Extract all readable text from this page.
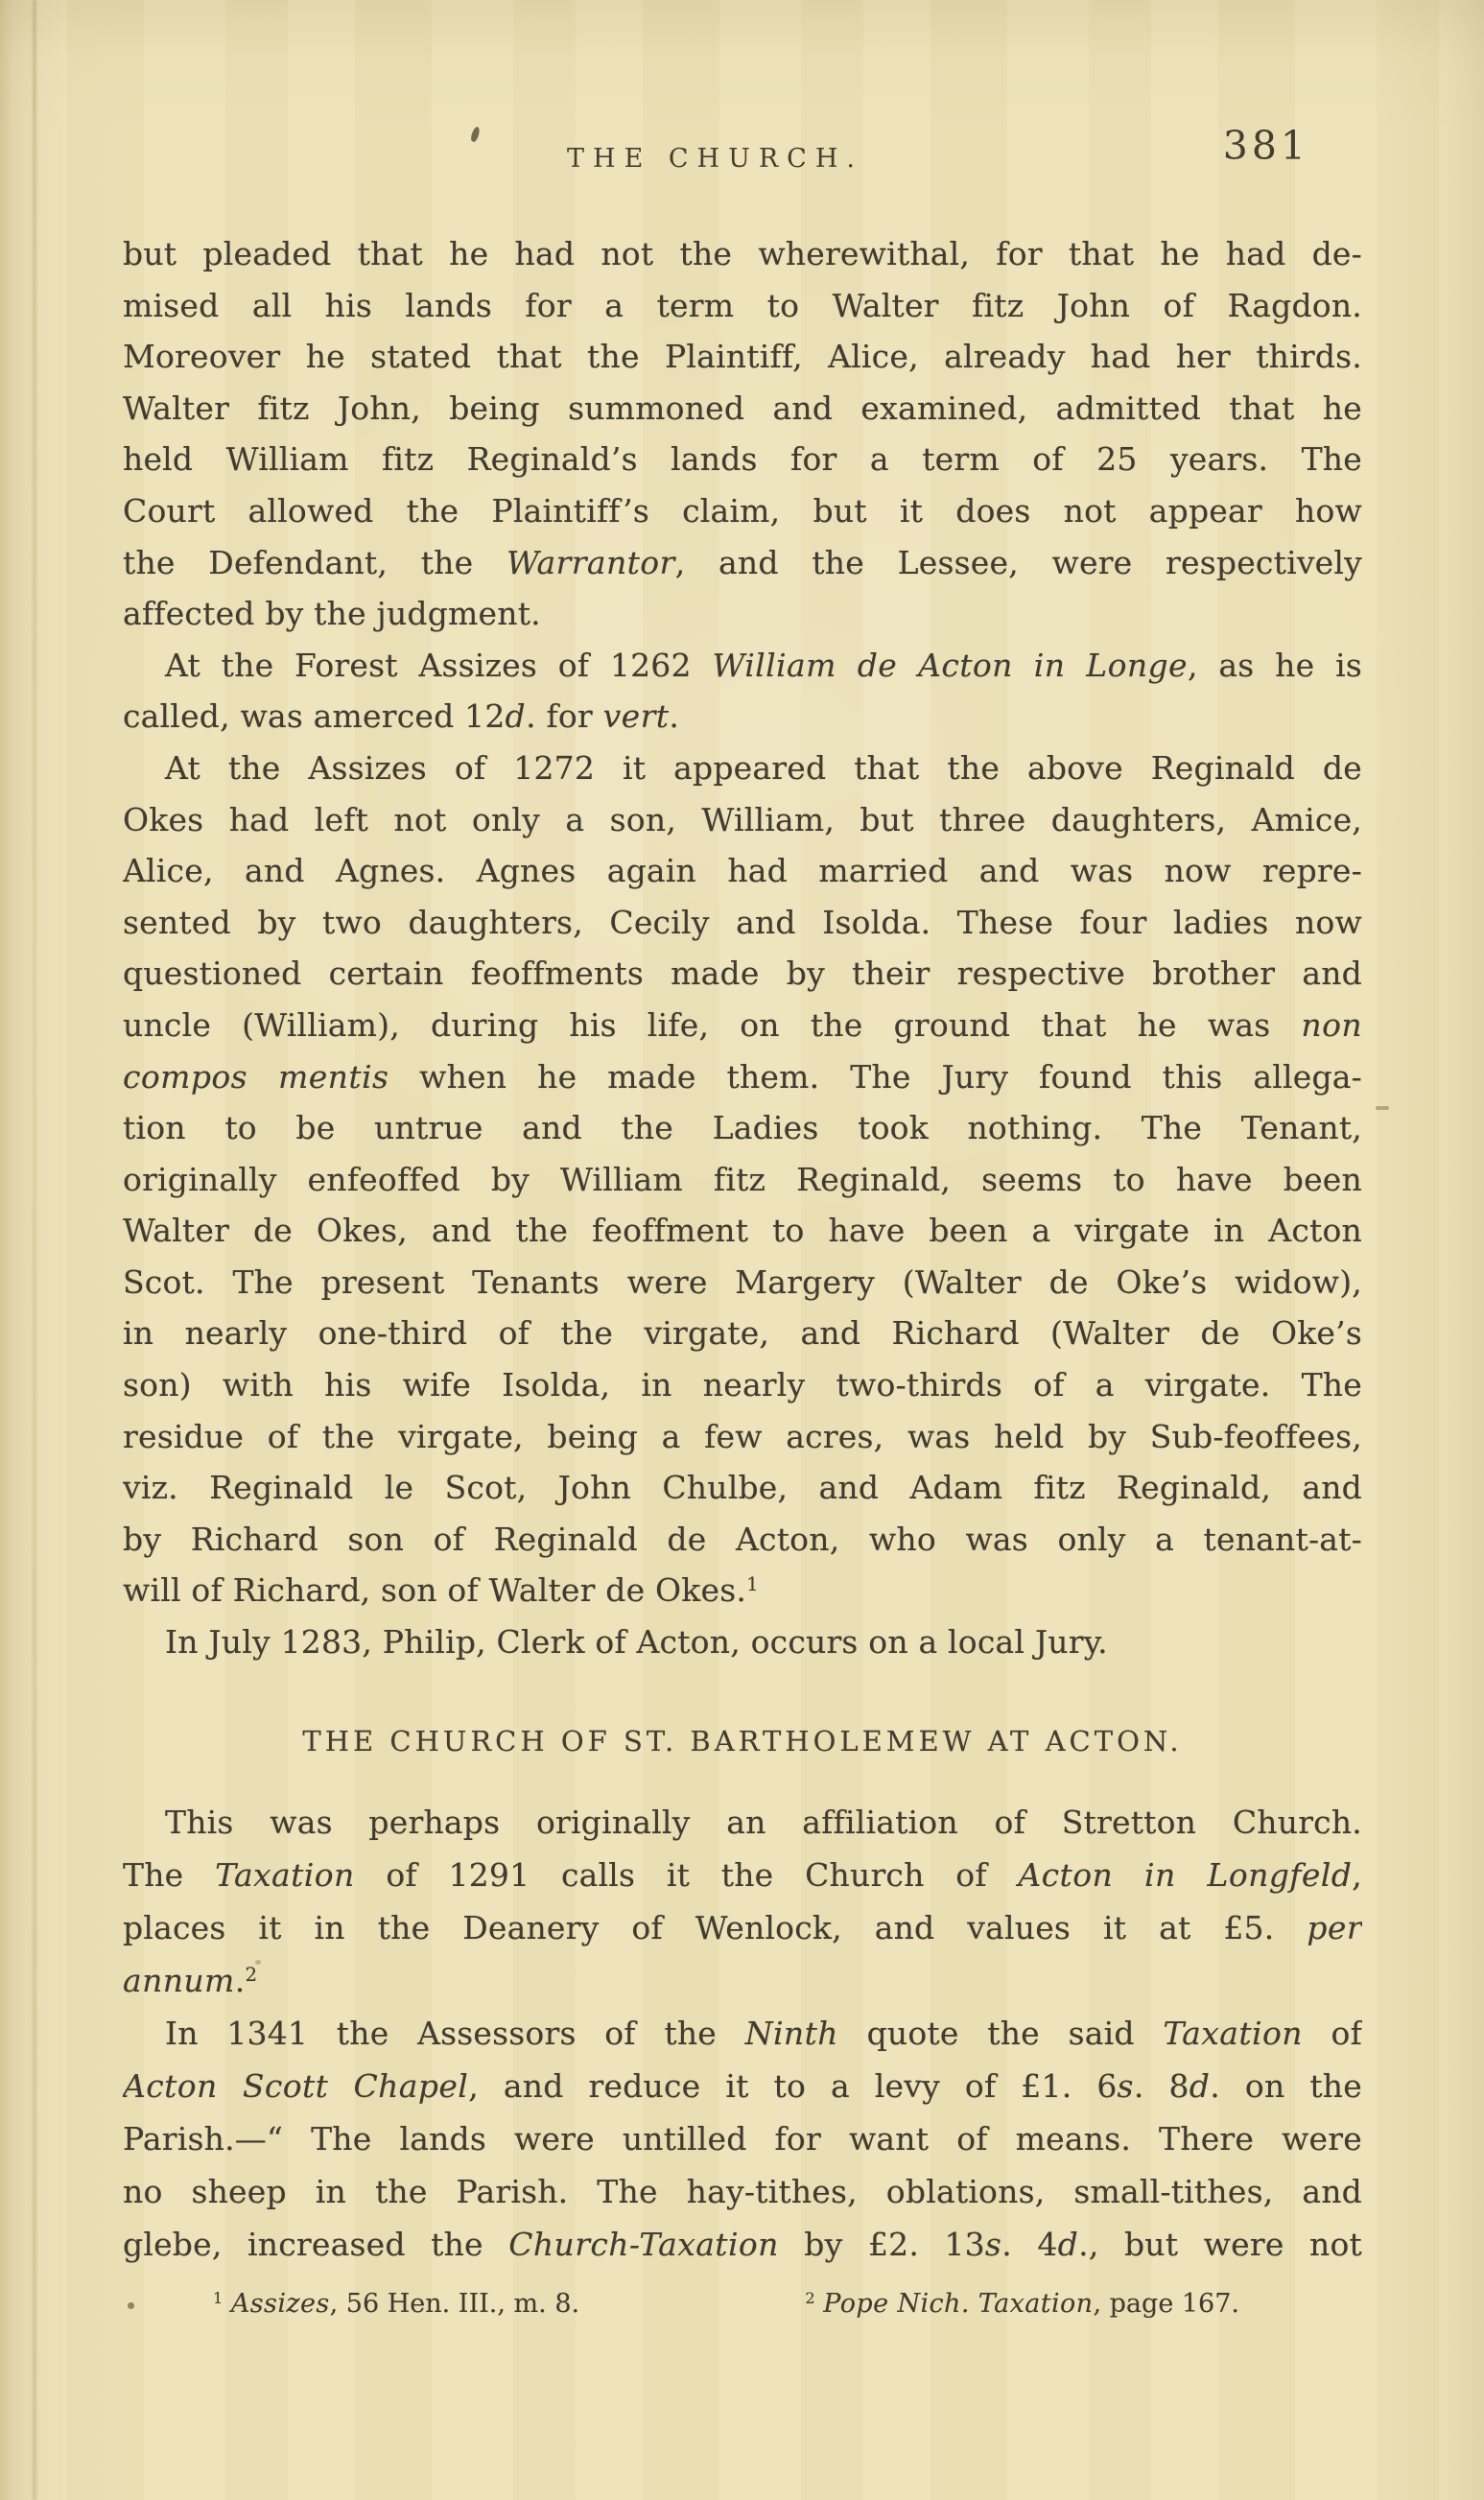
THE CHURCH.	381
but pleaded that he had not the wherewithal, for that he had de-
mised all his lands for a term to Walter fitz John of Ragdon.
Moreover he stated that the Plaintiff, Alice, already had her thirds.
Walter fitz John, being summoned and examined, admitted that he
held William fitz Reginald’s lands for a term of 25 years. The
Court allowed the Plaintiff’s claim, but it does not appear how
the Defendant, the Warrantor, and the Lessee, were respectively
affected by the judgment.
At the Forest Assizes of 1262 William de Acton in Longe, as he is
called, was amerced 12d. for vert.
At the Assizes of 1272 it appeared that the above Reginald de
Okes had left not only a son, William, but three daughters, Amice,
Alice, and Agnes. Agnes again had married and was now repre-
sented by two daughters, Cecily and Isolda. These four ladies now
questioned certain feoffments made by their respective brother and
uncle (William), during his life, on the ground that he was non
compos mentis when he made them. The Jury found this allega-
tion to be untrue and the Ladies took nothing. The Tenant,
originally enfeoffed by William fitz Reginald, seems to have been
Walter de Okes, and the feoffment to have been a virgate in Acton
Scot. The present Tenants were Margery (Walter de Oke’s widow),
in nearly one-third of the virgate, and Richard (Walter de Oke’s
son) with his wife Isolda, in nearly two-thirds of a virgate. The
residue of the virgate, being a few acres, was held by Sub-feoffees,
viz. Reginald le Scot, John Chulbe, and Adam fitz Reginald, and
by Richard son of Reginald de Acton, who was only a tenant-at-
will of Richard, son of Walter de Okes.$^1$
In July 1283, Philip, Clerk of Acton, occurs on a local Jury.
THE CHURCH OF ST. BARTHOLEMEW AT ACTON.
This was perhaps originally an affiliation of Stretton Church.
The Taxation of 1291 calls it the Church of Acton in Longfeld,
places it in the Deanery of Wenlock, and values it at £5. per
annum.$^2$
In 1341 the Assessors of the Ninth quote the said Taxation of
Acton Scott Chapel, and reduce it to a levy of £1. 6s. 8d. on the
Parish.—“ The lands were untilled for want of means. There were
no sheep in the Parish. The hay-tithes, oblations, small-tithes, and
glebe, increased the Church-Taxation by £2. 13s. 4d., but were not
$^1$ Assizes, 56 Hen. III., m. 8.	$^2$ Pope Nich. Taxation, page 167.
